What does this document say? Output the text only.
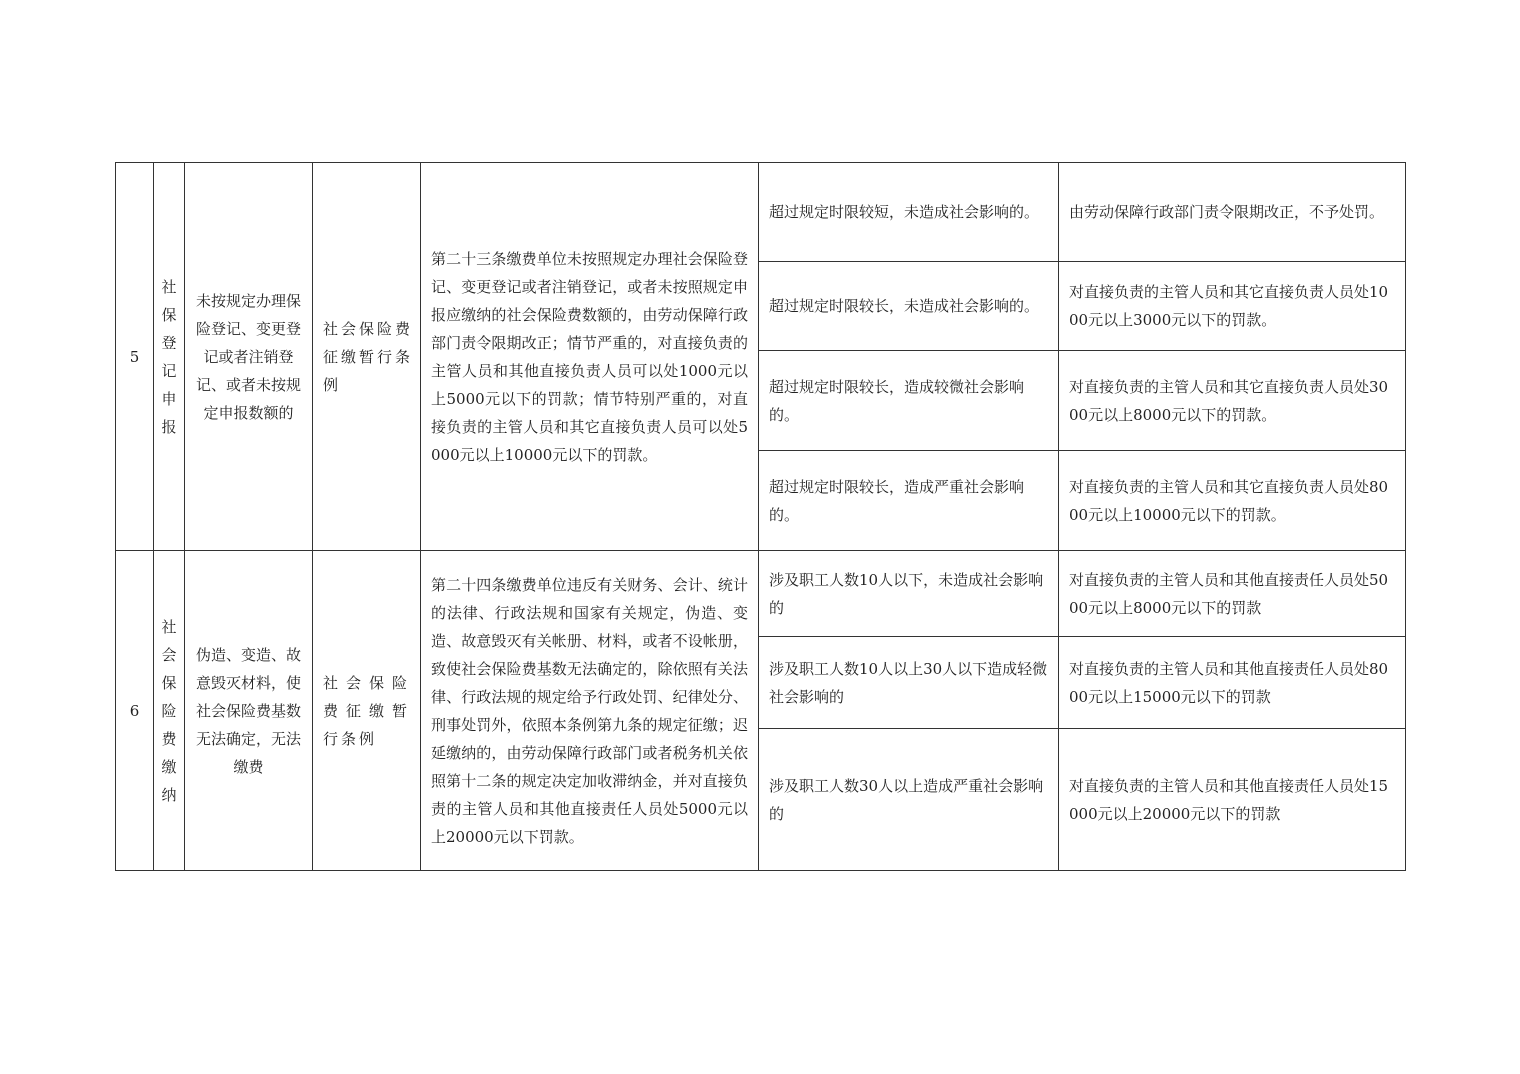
5	社保登记申报	未按规定办理保险登记、变更登记或者注销登记、或者未按规定申报数额的	社会保险费征缴暂行条例	第二十三条缴费单位未按照规定办理社会保险登记、变更登记或者注销登记，或者未按照规定申报应缴纳的社会保险费数额的，由劳动保障行政部门责令限期改正；情节严重的，对直接负责的主管人员和其他直接负责人员可以处1000元以上5000元以下的罚款；情节特别严重的，对直接负责的主管人员和其它直接负责人员可以处5000元以上10000元以下的罚款。	超过规定时限较短，未造成社会影响的。	由劳动保障行政部门责令限期改正，不予处罚。
					超过规定时限较长，未造成社会影响的。	对直接负责的主管人员和其它直接负责人员处1000元以上3000元以下的罚款。
					超过规定时限较长，造成较微社会影响的。	对直接负责的主管人员和其它直接负责人员处3000元以上8000元以下的罚款。
					超过规定时限较长，造成严重社会影响的。	对直接负责的主管人员和其它直接负责人员处8000元以上10000元以下的罚款。
6	社会保险费缴纳	伪造、变造、故意毁灭材料，使社会保险费基数无法确定，无法缴费	社会保险费征缴暂行条例	第二十四条缴费单位违反有关财务、会计、统计的法律、行政法规和国家有关规定，伪造、变造、故意毁灭有关帐册、材料，或者不设帐册，致使社会保险费基数无法确定的，除依照有关法律、行政法规的规定给予行政处罚、纪律处分、刑事处罚外，依照本条例第九条的规定征缴；迟延缴纳的，由劳动保障行政部门或者税务机关依照第十二条的规定决定加收滞纳金，并对直接负责的主管人员和其他直接责任人员处5000元以上20000元以下罚款。	涉及职工人数10人以下，未造成社会影响的	对直接负责的主管人员和其他直接责任人员处5000元以上8000元以下的罚款
					涉及职工人数10人以上30人以下造成轻微社会影响的	对直接负责的主管人员和其他直接责任人员处8000元以上15000元以下的罚款
					涉及职工人数30人以上造成严重社会影响的	对直接负责的主管人员和其他直接责任人员处15000元以上20000元以下的罚款
